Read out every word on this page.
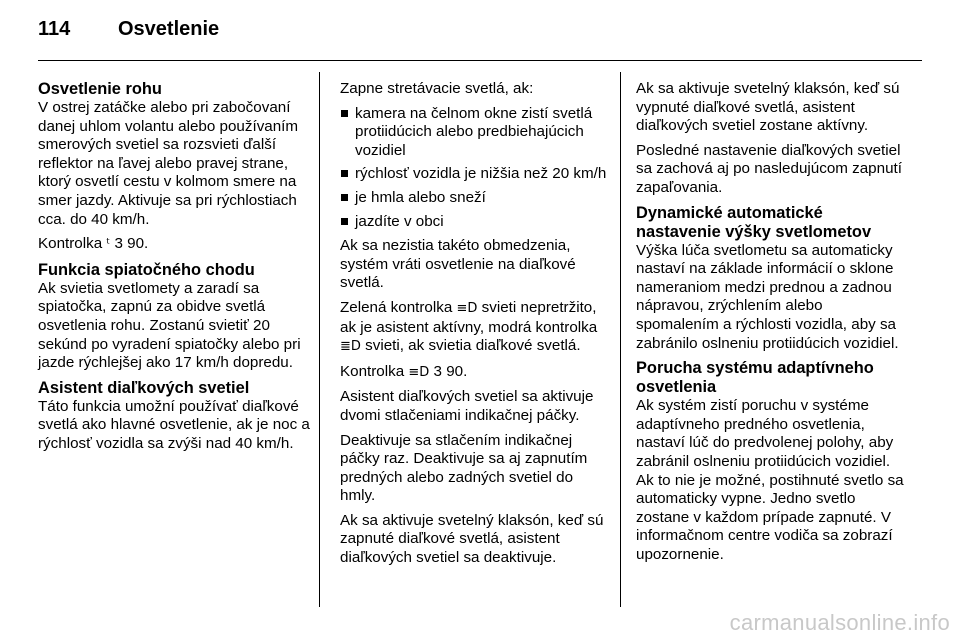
114	Osvetlenie
Osvetlenie rohu

V ostrej zatáčke alebo pri zabočovaní danej uhlom volantu alebo používaním smerových svetiel sa rozsvieti ďalší reflektor na ľavej alebo pravej strane, ktorý osvetlí cestu v kolmom smere na smer jazdy. Aktivuje sa pri rýchlostiach cca. do 40 km/h.

Kontrolka ᵗ 3 90.

Funkcia spiatočného chodu

Ak svietia svetlomety a zaradí sa spiatočka, zapnú za obidve svetlá osvetlenia rohu. Zostanú svietiť 20 sekúnd po vyradení spiatočky alebo pri jazde rýchlejšej ako 17 km/h dopredu.

Asistent diaľkových svetiel

Táto funkcia umožní používať diaľkové svetlá ako hlavné osvetlenie, ak je noc a rýchlosť vozidla sa zvýši nad 40 km/h.

Zapne stretávacie svetlá, ak:

kamera na čelnom okne zistí svetlá protiidúcich alebo predbiehajúcich vozidiel
rýchlosť vozidla je nižšia než 20 km/h
je hmla alebo sneží
jazdíte v obci

Ak sa nezistia takéto obmedzenia, systém vráti osvetlenie na diaľkové svetlá.

Zelená kontrolka ≡D svieti nepretržito, ak je asistent aktívny, modrá kontrolka ≣D svieti, ak svietia diaľkové svetlá.

Kontrolka ≡D 3 90.

Asistent diaľkových svetiel sa aktivuje dvomi stlačeniami indikačnej páčky.

Deaktivuje sa stlačením indikačnej páčky raz. Deaktivuje sa aj zapnutím predných alebo zadných svetiel do hmly.

Ak sa aktivuje svetelný klaksón, keď sú zapnuté diaľkové svetlá, asistent diaľkových svetiel sa deaktivuje.

Ak sa aktivuje svetelný klaksón, keď sú vypnuté diaľkové svetlá, asistent diaľkových svetiel zostane aktívny.

Posledné nastavenie diaľkových svetiel sa zachová aj po nasledujúcom zapnutí zapaľovania.

Dynamické automatické nastavenie výšky svetlometov

Výška lúča svetlometu sa automaticky nastaví na základe informácií o sklone nameraniom medzi prednou a zadnou nápravou, zrýchlením alebo spomalením a rýchlosti vozidla, aby sa zabránilo oslneniu protiidúcich vozidiel.

Porucha systému adaptívneho osvetlenia

Ak systém zistí poruchu v systéme adaptívneho predného osvetlenia, nastaví lúč do predvolenej polohy, aby zabránil oslneniu protiidúcich vozidiel. Ak to nie je možné, postihnuté svetlo sa automaticky vypne. Jedno svetlo zostane v každom prípade zapnuté. V informačnom centre vodiča sa zobrazí upozornenie.

carmanualsonline.info
